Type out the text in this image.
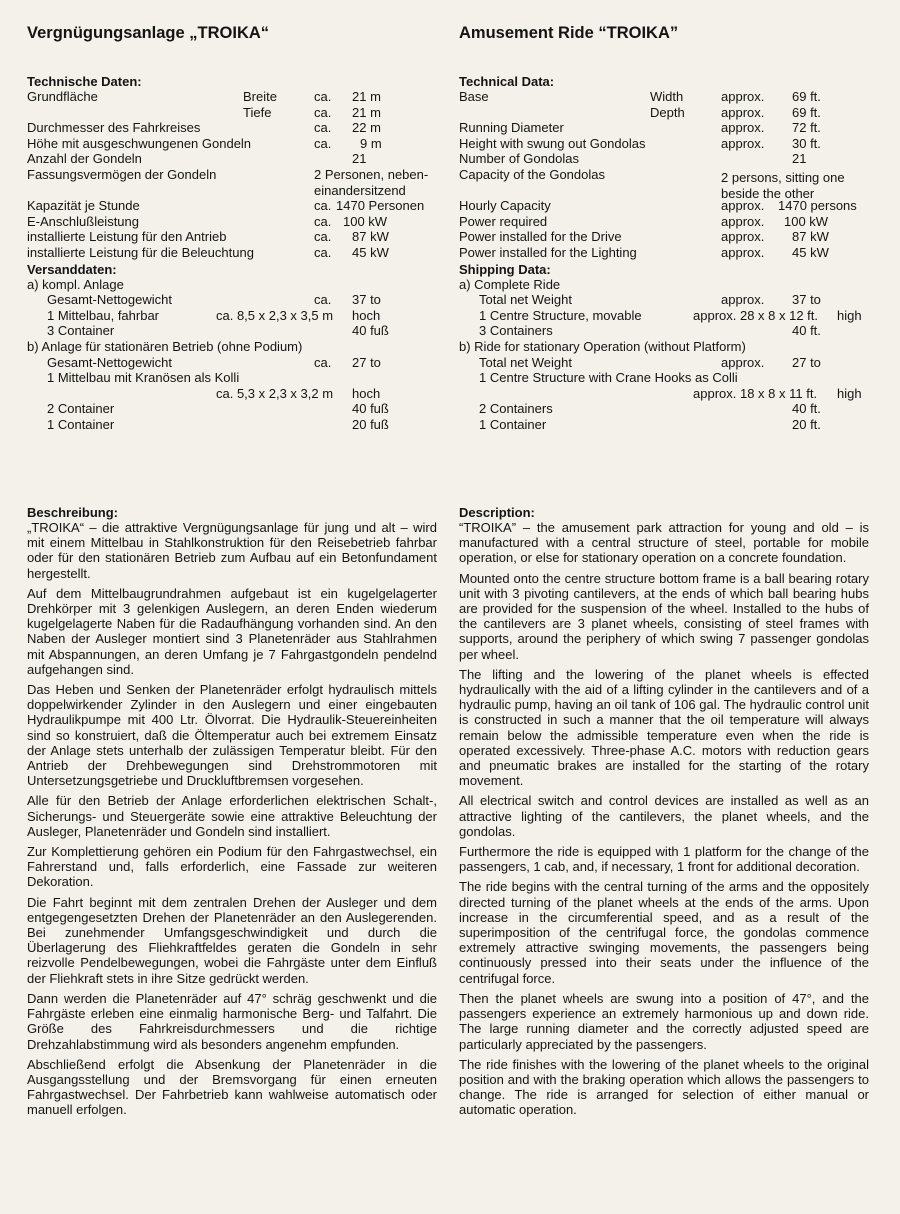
Vergnügungsanlage „TROIKA“	Amusement Ride “TROIKA”
Technische Daten:
Grundfläche	Breite	ca. 21 m
Tiefe	ca. 21 m
Durchmesser des Fahrkreises	ca. 22 m
Höhe mit ausgeschwungenen Gondeln	ca. 9 m
Anzahl der Gondeln	21
Fassungsvermögen der Gondeln	2 Personen, neben-einandersitzend
Kapazität je Stunde	ca. 1470 Personen
E-Anschlußleistung	ca. 100 kW
installierte Leistung für den Antrieb	ca. 87 kW
installierte Leistung für die Beleuchtung	ca. 45 kW
Versanddaten:
a) kompl. Anlage
Gesamt-Nettogewicht	ca. 37 to
1 Mittelbau, fahrbar	ca. 8,5 x 2,3 x 3,5 m hoch
3 Container	40 fuß
b) Anlage für stationären Betrieb (ohne Podium)
Gesamt-Nettogewicht	ca. 27 to
1 Mittelbau mit Kranösen als Kolli
ca. 5,3 x 2,3 x 3,2 m hoch
2 Container	40 fuß
1 Container	20 fuß
Technical Data:
Base	Width	approx. 69 ft.
Depth	approx. 69 ft.
Running Diameter	approx. 72 ft.
Height with swung out Gondolas	approx. 30 ft.
Number of Gondolas	21
Capacity of the Gondolas	2 persons, sitting one beside the other
Hourly Capacity	approx. 1470 persons
Power required	approx. 100 kW
Power installed for the Drive	approx. 87 kW
Power installed for the Lighting	approx. 45 kW
Shipping Data:
a) Complete Ride
Total net Weight	approx. 37 to
1 Centre Structure, movable	approx. 28 x 8 x 12 ft. high
3 Containers	40 ft.
b) Ride for stationary Operation (without Platform)
Total net Weight	approx. 27 to
1 Centre Structure with Crane Hooks as Colli
approx. 18 x 8 x 11 ft. high
2 Containers	40 ft.
1 Container	20 ft.
Beschreibung:

„TROIKA“ – die attraktive Vergnügungsanlage für jung und alt – wird mit einem Mittelbau in Stahlkonstruktion für den Reisebetrieb fahrbar oder für den stationären Betrieb zum Aufbau auf ein Betonfundament hergestellt.

Auf dem Mittelbaugrundrahmen aufgebaut ist ein kugelgelagerter Drehkörper mit 3 gelenkigen Auslegern, an deren Enden wiederum kugelgelagerte Naben für die Radaufhängung vorhanden sind. An den Naben der Ausleger montiert sind 3 Planetenräder aus Stahlrahmen mit Abspannungen, an deren Umfang je 7 Fahrgastgondeln pendelnd aufgehangen sind.

Das Heben und Senken der Planetenräder erfolgt hydraulisch mittels doppelwirkender Zylinder in den Auslegern und einer eingebauten Hydraulikpumpe mit 400 Ltr. Ölvorrat. Die Hydraulik-Steuereinheiten sind so konstruiert, daß die Öltemperatur auch bei extremem Einsatz der Anlage stets unterhalb der zulässigen Temperatur bleibt. Für den Antrieb der Drehbewegungen sind Drehstrommotoren mit Untersetzungsgetriebe und Druckluftbremsen vorgesehen.

Alle für den Betrieb der Anlage erforderlichen elektrischen Schalt-, Sicherungs- und Steuergeräte sowie eine attraktive Beleuchtung der Ausleger, Planetenräder und Gondeln sind installiert.

Zur Komplettierung gehören ein Podium für den Fahrgastwechsel, ein Fahrerstand und, falls erforderlich, eine Fassade zur weiteren Dekoration.

Die Fahrt beginnt mit dem zentralen Drehen der Ausleger und dem entgegengesetzten Drehen der Planetenräder an den Auslegerenden. Bei zunehmender Umfangsgeschwindigkeit und durch die Überlagerung des Fliehkraftfeldes geraten die Gondeln in sehr reizvolle Pendelbewegungen, wobei die Fahrgäste unter dem Einfluß der Fliehkraft stets in ihre Sitze gedrückt werden.

Dann werden die Planetenräder auf 47° schräg geschwenkt und die Fahrgäste erleben eine einmalig harmonische Berg- und Talfahrt. Die Größe des Fahrkreisdurchmessers und die richtige Drehzahlabstimmung wird als besonders angenehm empfunden.

Abschließend erfolgt die Absenkung der Planetenräder in die Ausgangsstellung und der Bremsvorgang für einen erneuten Fahrgastwechsel. Der Fahrbetrieb kann wahlweise automatisch oder manuell erfolgen.

Description:

“TROIKA” – the amusement park attraction for young and old – is manufactured with a central structure of steel, portable for mobile operation, or else for stationary operation on a concrete foundation.

Mounted onto the centre structure bottom frame is a ball bearing rotary unit with 3 pivoting cantilevers, at the ends of which ball bearing hubs are provided for the suspension of the wheel. Installed to the hubs of the cantilevers are 3 planet wheels, consisting of steel frames with supports, around the periphery of which swing 7 passenger gondolas per wheel.

The lifting and the lowering of the planet wheels is effected hydraulically with the aid of a lifting cylinder in the cantilevers and of a hydraulic pump, having an oil tank of 106 gal. The hydraulic control unit is constructed in such a manner that the oil temperature will always remain below the admissible temperature even when the ride is operated excessively. Three-phase A.C. motors with reduction gears and pneumatic brakes are installed for the starting of the rotary movement.

All electrical switch and control devices are installed as well as an attractive lighting of the cantilevers, the planet wheels, and the gondolas.

Furthermore the ride is equipped with 1 platform for the change of the passengers, 1 cab, and, if necessary, 1 front for additional decoration.

The ride begins with the central turning of the arms and the oppositely directed turning of the planet wheels at the ends of the arms. Upon increase in the circumferential speed, and as a result of the superimposition of the centrifugal force, the gondolas commence extremely attractive swinging movements, the passengers being continuously pressed into their seats under the influence of the centrifugal force.

Then the planet wheels are swung into a position of 47°, and the passengers experience an extremely harmonious up and down ride. The large running diameter and the correctly adjusted speed are particularly appreciated by the passengers.

The ride finishes with the lowering of the planet wheels to the original position and with the braking operation which allows the passengers to change. The ride is arranged for selection of either manual or automatic operation.
